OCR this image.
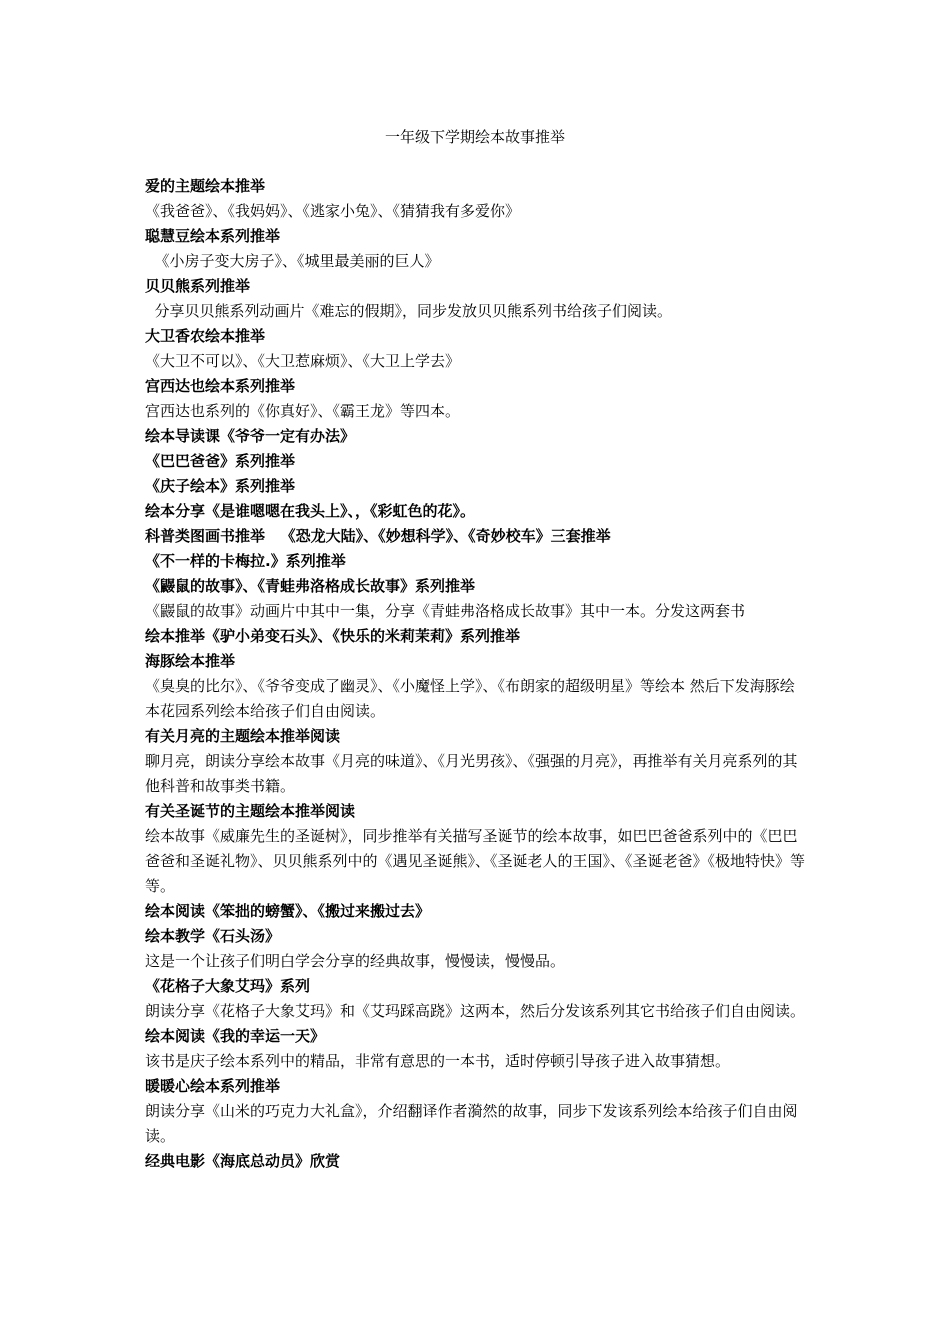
一年级下学期绘本故事推举
爱的主题绘本推举
《我爸爸》、《我妈妈》、《逃家小兔》、《猜猜我有多爱你》
聪慧豆绘本系列推举
《小房子变大房子》、《城里最美丽的巨人》
贝贝熊系列推举
分享贝贝熊系列动画片《难忘的假期》，同步发放贝贝熊系列书给孩子们阅读。
大卫香农绘本推举
《大卫不可以》、《大卫惹麻烦》、《大卫上学去》
宫西达也绘本系列推举
宫西达也系列的《你真好》、《霸王龙》等四本。
绘本导读课《爷爷一定有办法》
《巴巴爸爸》系列推举
《庆子绘本》系列推举
绘本分享《是谁嗯嗯在我头上》、，《彩虹色的花》。
科普类图画书推举   《恐龙大陆》、《妙想科学》、《奇妙校车》三套推举
《不一样的卡梅拉.》系列推举
《鼹鼠的故事》、《青蛙弗洛格成长故事》系列推举
《鼹鼠的故事》动画片中其中一集，分享《青蛙弗洛格成长故事》其中一本。分发这两套书
绘本推举《驴小弟变石头》、《快乐的米莉茉莉》系列推举
海豚绘本推举
《臭臭的比尔》、《爷爷变成了幽灵》、《小魔怪上学》、《布朗家的超级明星》等绘本 然后下发海豚绘本花园系列绘本给孩子们自由阅读。
有关月亮的主题绘本推举阅读
聊月亮，朗读分享绘本故事《月亮的味道》、《月光男孩》、《强强的月亮》，再推举有关月亮系列的其他科普和故事类书籍。
有关圣诞节的主题绘本推举阅读
绘本故事《威廉先生的圣诞树》，同步推举有关描写圣诞节的绘本故事，如巴巴爸爸系列中的《巴巴爸爸和圣诞礼物》、贝贝熊系列中的《遇见圣诞熊》、《圣诞老人的王国》、《圣诞老爸》《极地特快》等等。
绘本阅读《笨拙的螃蟹》、《搬过来搬过去》
绘本教学《石头汤》
这是一个让孩子们明白学会分享的经典故事，慢慢读，慢慢品。
《花格子大象艾玛》系列
朗读分享《花格子大象艾玛》和《艾玛踩高跷》这两本，然后分发该系列其它书给孩子们自由阅读。
绘本阅读《我的幸运一天》
该书是庆子绘本系列中的精品，非常有意思的一本书，适时停顿引导孩子进入故事猜想。
暖暖心绘本系列推举
朗读分享《山米的巧克力大礼盒》，介绍翻译作者漪然的故事，同步下发该系列绘本给孩子们自由阅读。
经典电影《海底总动员》欣赏
